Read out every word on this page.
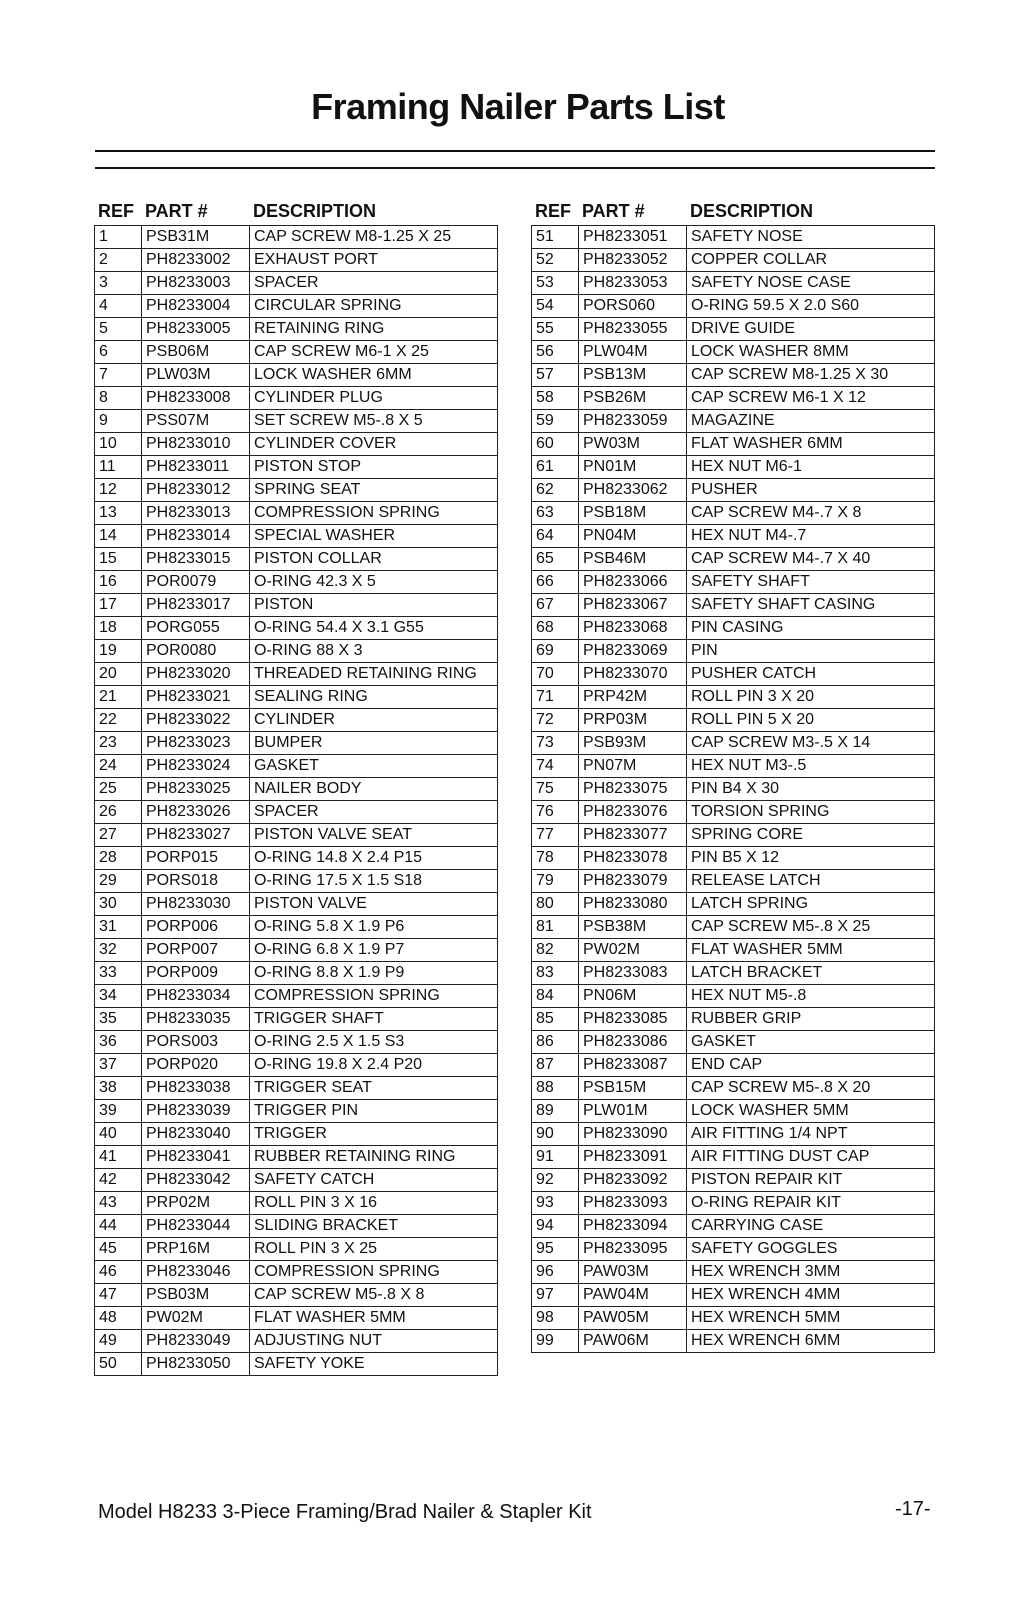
Framing Nailer Parts List
REF PART #	DESCRIPTION
1	PSB31M	CAP SCREW M8-1.25 X 25
2	PH8233002	EXHAUST PORT
3	PH8233003	SPACER
4	PH8233004	CIRCULAR SPRING
5	PH8233005	RETAINING RING
6	PSB06M	CAP SCREW M6-1 X 25
7	PLW03M	LOCK WASHER 6MM
8	PH8233008	CYLINDER PLUG
9	PSS07M	SET SCREW M5-.8 X 5
10	PH8233010	CYLINDER COVER
11	PH8233011	PISTON STOP
12	PH8233012	SPRING SEAT
13	PH8233013	COMPRESSION SPRING
14	PH8233014	SPECIAL WASHER
15	PH8233015	PISTON COLLAR
16	POR0079	O-RING 42.3 X 5
17	PH8233017	PISTON
18	PORG055	O-RING 54.4 X 3.1 G55
19	POR0080	O-RING 88 X 3
20	PH8233020	THREADED RETAINING RING
21	PH8233021	SEALING RING
22	PH8233022	CYLINDER
23	PH8233023	BUMPER
24	PH8233024	GASKET
25	PH8233025	NAILER BODY
26	PH8233026	SPACER
27	PH8233027	PISTON VALVE SEAT
28	PORP015	O-RING 14.8 X 2.4 P15
29	PORS018	O-RING 17.5 X 1.5 S18
30	PH8233030	PISTON VALVE
31	PORP006	O-RING 5.8 X 1.9 P6
32	PORP007	O-RING 6.8 X 1.9 P7
33	PORP009	O-RING 8.8 X 1.9 P9
34	PH8233034	COMPRESSION SPRING
35	PH8233035	TRIGGER SHAFT
36	PORS003	O-RING 2.5 X 1.5 S3
37	PORP020	O-RING 19.8 X 2.4 P20
38	PH8233038	TRIGGER SEAT
39	PH8233039	TRIGGER PIN
40	PH8233040	TRIGGER
41	PH8233041	RUBBER RETAINING RING
42	PH8233042	SAFETY CATCH
43	PRP02M	ROLL PIN 3 X 16
44	PH8233044	SLIDING BRACKET
45	PRP16M	ROLL PIN 3 X 25
46	PH8233046	COMPRESSION SPRING
47	PSB03M	CAP SCREW M5-.8 X 8
48	PW02M	FLAT WASHER 5MM
49	PH8233049	ADJUSTING NUT
50	PH8233050	SAFETY YOKE
REF PART #	DESCRIPTION
51	PH8233051	SAFETY NOSE
52	PH8233052	COPPER COLLAR
53	PH8233053	SAFETY NOSE CASE
54	PORS060	O-RING 59.5 X 2.0 S60
55	PH8233055	DRIVE GUIDE
56	PLW04M	LOCK WASHER 8MM
57	PSB13M	CAP SCREW M8-1.25 X 30
58	PSB26M	CAP SCREW M6-1 X 12
59	PH8233059	MAGAZINE
60	PW03M	FLAT WASHER 6MM
61	PN01M	HEX NUT M6-1
62	PH8233062	PUSHER
63	PSB18M	CAP SCREW M4-.7 X 8
64	PN04M	HEX NUT M4-.7
65	PSB46M	CAP SCREW M4-.7 X 40
66	PH8233066	SAFETY SHAFT
67	PH8233067	SAFETY SHAFT CASING
68	PH8233068	PIN CASING
69	PH8233069	PIN
70	PH8233070	PUSHER CATCH
71	PRP42M	ROLL PIN 3 X 20
72	PRP03M	ROLL PIN 5 X 20
73	PSB93M	CAP SCREW M3-.5 X 14
74	PN07M	HEX NUT M3-.5
75	PH8233075	PIN B4 X 30
76	PH8233076	TORSION SPRING
77	PH8233077	SPRING CORE
78	PH8233078	PIN B5 X 12
79	PH8233079	RELEASE LATCH
80	PH8233080	LATCH SPRING
81	PSB38M	CAP SCREW M5-.8 X 25
82	PW02M	FLAT WASHER 5MM
83	PH8233083	LATCH BRACKET
84	PN06M	HEX NUT M5-.8
85	PH8233085	RUBBER GRIP
86	PH8233086	GASKET
87	PH8233087	END CAP
88	PSB15M	CAP SCREW M5-.8 X 20
89	PLW01M	LOCK WASHER 5MM
90	PH8233090	AIR FITTING 1/4 NPT
91	PH8233091	AIR FITTING DUST CAP
92	PH8233092	PISTON REPAIR KIT
93	PH8233093	O-RING REPAIR KIT
94	PH8233094	CARRYING CASE
95	PH8233095	SAFETY GOGGLES
96	PAW03M	HEX WRENCH 3MM
97	PAW04M	HEX WRENCH 4MM
98	PAW05M	HEX WRENCH 5MM
99	PAW06M	HEX WRENCH 6MM
Model H8233 3-Piece Framing/Brad Nailer & Stapler Kit	-17-
